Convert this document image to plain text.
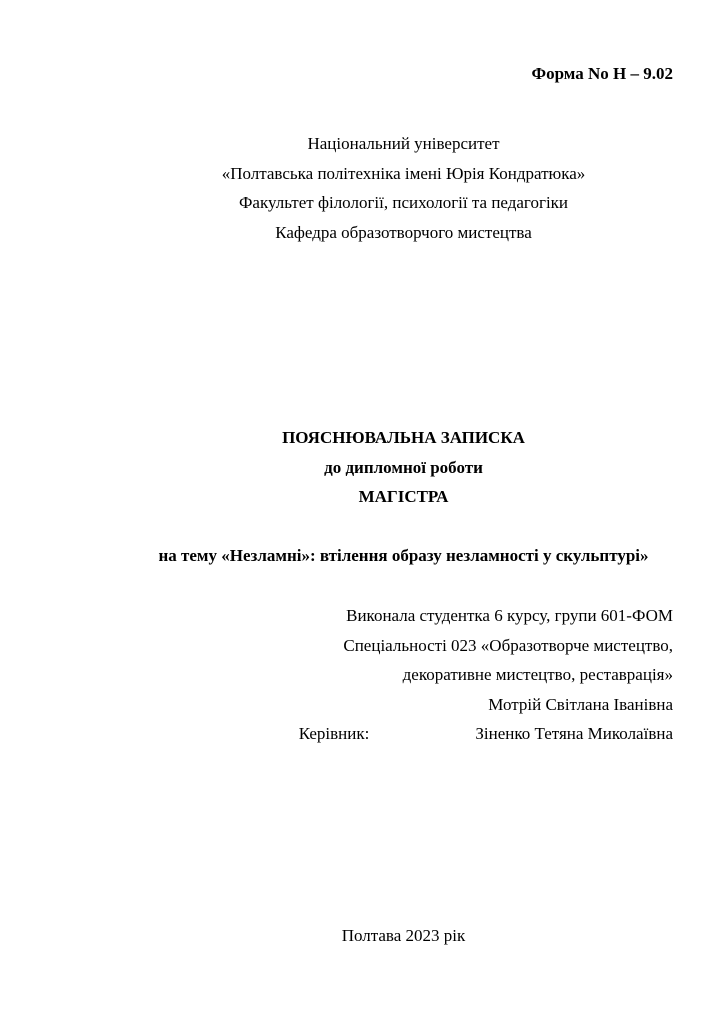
Форма No Н – 9.02
Національний університет
«Полтавська політехніка імені Юрія Кондратюка»
Факультет філології, психології та педагогіки
Кафедра образотворчого мистецтва
ПОЯСНЮВАЛЬНА ЗАПИСКА
до дипломної роботи
МАГІСТРА
на тему «Незламні»: втілення образу незламності у скульптурі»
Виконала студентка 6 курсу, групи 601-ФОМ
Спеціальності 023 «Образотворче мистецтво,
декоративне мистецтво, реставрація»
Мотрій Світлана Іванівна
Керівник:	Зіненко Тетяна Миколаївна
Полтава 2023 рік
